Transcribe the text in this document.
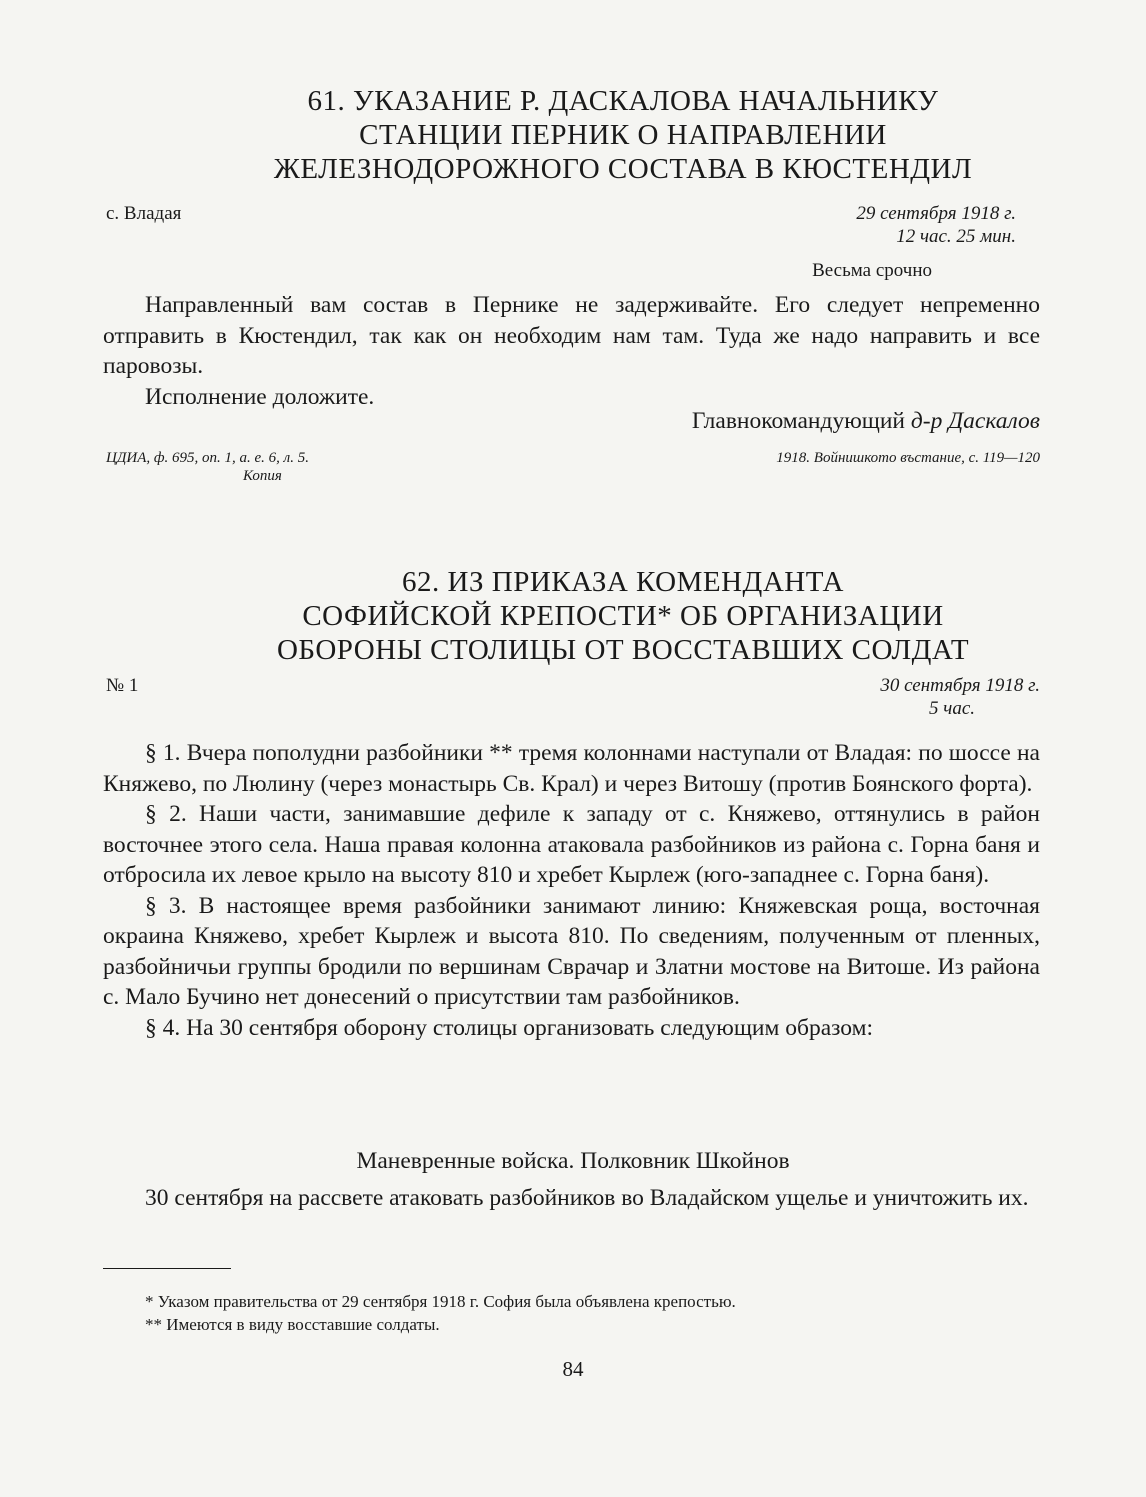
61. УКАЗАНИЕ Р. ДАСКАЛОВА НАЧАЛЬНИКУ
СТАНЦИИ ПЕРНИК О НАПРАВЛЕНИИ
ЖЕЛЕЗНОДОРОЖНОГО СОСТАВА В КЮСТЕНДИЛ
с. Владая	29 сентября 1918 г.
12 час. 25 мин.
Весьма срочно

Направленный вам состав в Пернике не задерживайте. Его следует непременно отправить в Кюстендил, так как он необходим нам там. Туда же надо направить и все паровозы.

Исполнение доложите.

Главнокомандующий д-р Даскалов
ЦДИА, ф. 695, оп. 1, а. е. 6, л. 5.
Копия
1918. Войнишкото въстание, с. 119—120
62. ИЗ ПРИКАЗА КОМЕНДАНТА
СОФИЙСКОЙ КРЕПОСТИ* ОБ ОРГАНИЗАЦИИ
ОБОРОНЫ СТОЛИЦЫ ОТ ВОССТАВШИХ СОЛДАТ
№ 1	30 сентября 1918 г.
5 час.

§ 1. Вчера пополудни разбойники ** тремя колоннами наступали от Владая: по шоссе на Княжево, по Люлину (через монастырь Св. Крал) и через Витошу (против Боянского форта).

§ 2. Наши части, занимавшие дефиле к западу от с. Княжево, оттянулись в район восточнее этого села. Наша правая колонна атаковала разбойников из района с. Горна баня и отбросила их левое крыло на высоту 810 и хребет Кырлеж (юго-западнее с. Горна баня).

§ 3. В настоящее время разбойники занимают линию: Княжевская роща, восточная окраина Княжево, хребет Кырлеж и высота 810. По сведениям, полученным от пленных, разбойничьи группы бродили по вершинам Сврачар и Златни мостове на Витоше. Из района с. Мало Бучино нет донесений о присутствии там разбойников.

§ 4. На 30 сентября оборону столицы организовать следующим образом:

Маневренные войска. Полковник Шкойнов

30 сентября на рассвете атаковать разбойников во Владайском ущелье и уничтожить их.

* Указом правительства от 29 сентября 1918 г. София была объявлена крепостью.
** Имеются в виду восставшие солдаты.
84
